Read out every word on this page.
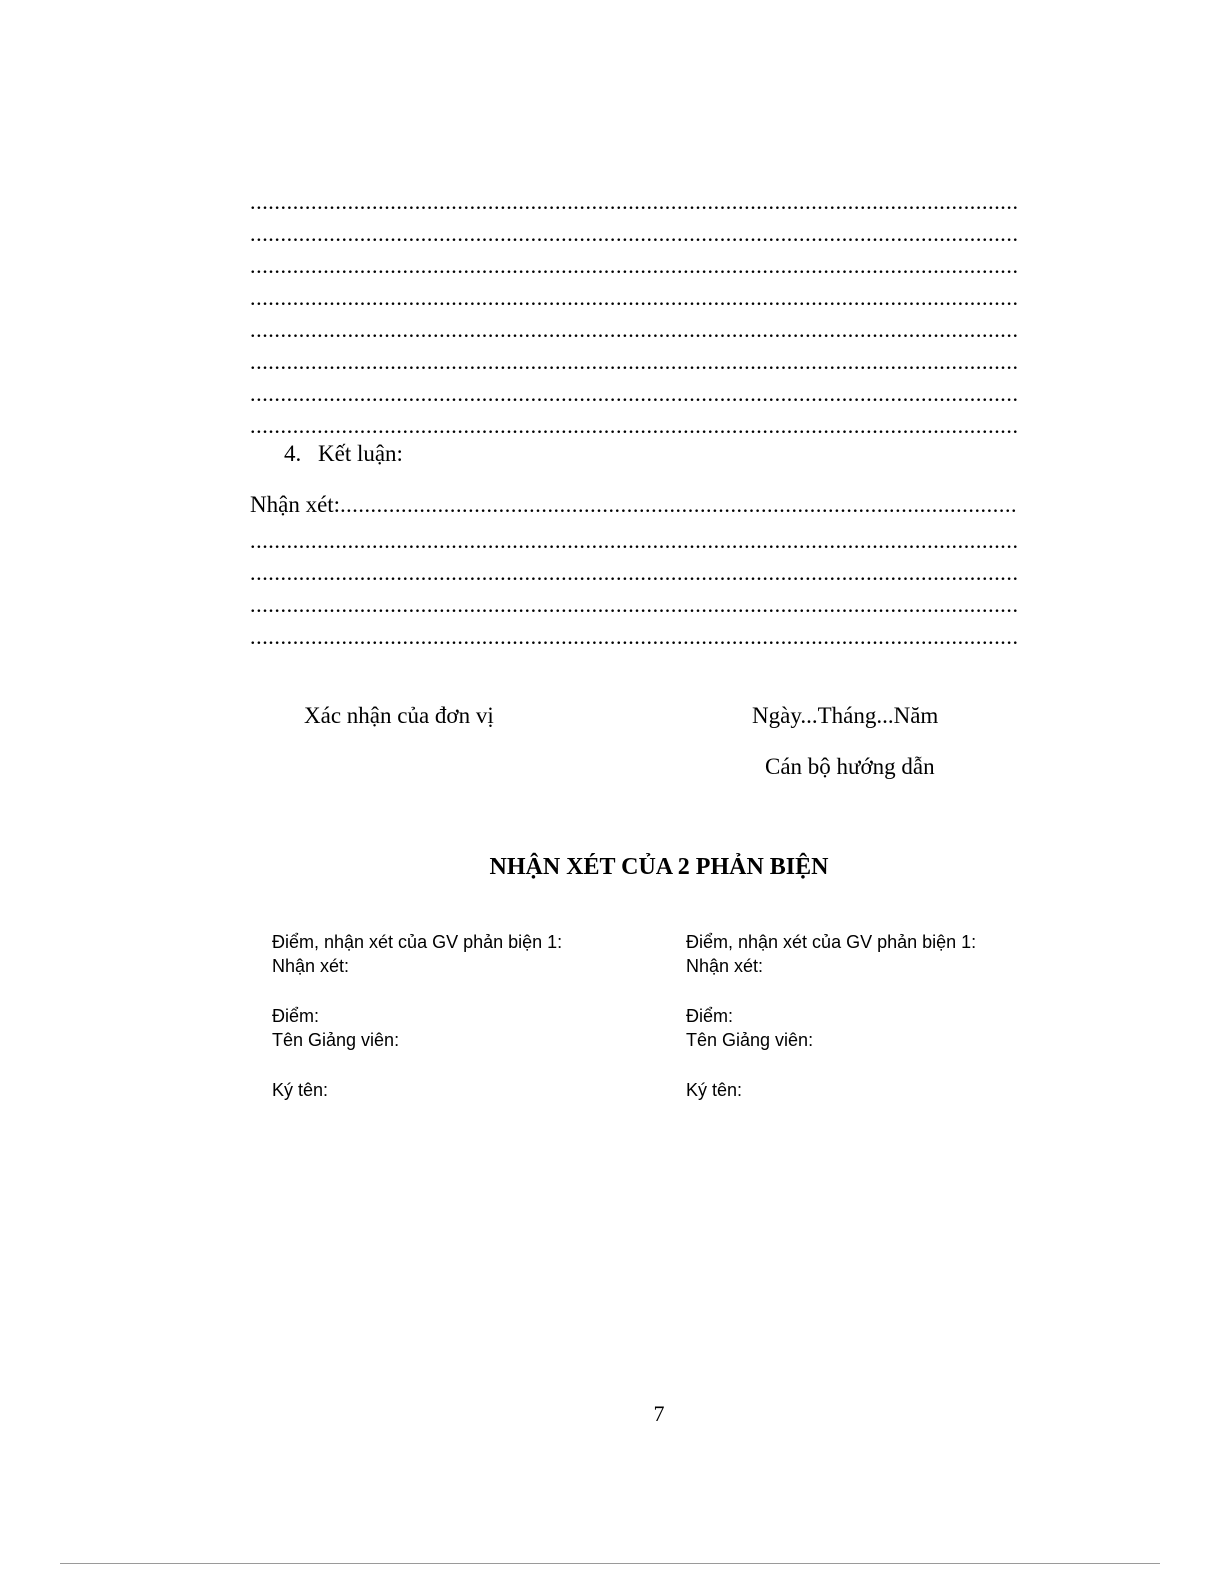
..............................................................................................................................
..............................................................................................................................
..............................................................................................................................
..............................................................................................................................
..............................................................................................................................
..............................................................................................................................
..............................................................................................................................
..............................................................................................................................
4. Kết luận:
Nhận xét:...............................................................................................................
..............................................................................................................................
..............................................................................................................................
..............................................................................................................................
..............................................................................................................................
Xác nhận của đơn vị	Ngày...Tháng...Năm
Cán bộ hướng dẫn
NHẬN XÉT CỦA 2 PHẢN BIỆN
Điểm, nhận xét của GV phản biện 1:
Nhận xét:
Điểm:
Tên Giảng viên:
Ký tên:
Điểm, nhận xét của GV phản biện 1:
Nhận xét:
Điểm:
Tên Giảng viên:
Ký tên:
7
